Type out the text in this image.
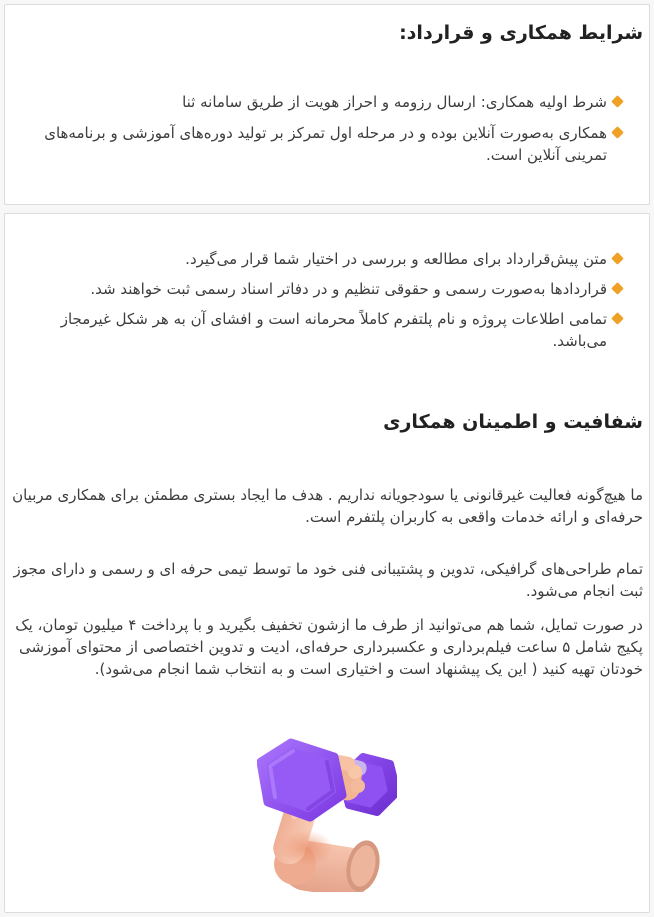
شرایط همکاری و قرارداد:
شرط اولیه همکاری: ارسال رزومه و احراز هویت از طریق سامانه ثنا
همکاری به‌صورت آنلاین بوده و در مرحله اول تمرکز بر تولید دوره‌های آموزشی و برنامه‌های تمرینی آنلاین است.
متن پیش‌قرارداد برای مطالعه و بررسی در اختیار شما قرار می‌گیرد.
قراردادها به‌صورت رسمی و حقوقی تنظیم و در دفاتر اسناد رسمی ثبت خواهند شد.
تمامی اطلاعات پروژه و نام پلتفرم کاملاً محرمانه است و افشای آن به هر شکل غیرمجاز می‌باشد.
شفافیت و اطمینان همکاری

ما هیچ‌گونه فعالیت غیرقانونی یا سودجویانه نداریم . هدف ما ایجاد بستری مطمئن برای همکاری مربیان حرفه‌ای و ارائه خدمات واقعی به کاربران پلتفرم است.

تمام طراحی‌های گرافیکی، تدوین و پشتیبانی فنی خود ما توسط تیمی حرفه ای و رسمی و دارای مجوز ثبت انجام می‌شود.

در صورت تمایل، شما هم می‌توانید از طرف ما ازشون تخفیف بگیرید و با پرداخت ۴ میلیون تومان، یک پکیج شامل ۵ ساعت فیلم‌برداری و عکسبرداری حرفه‌ای، ادیت و تدوین اختصاصی از محتوای آموزشی خودتان تهیه کنید ( این یک پیشنهاد است و اختیاری است و به انتخاب شما انجام می‌شود).
